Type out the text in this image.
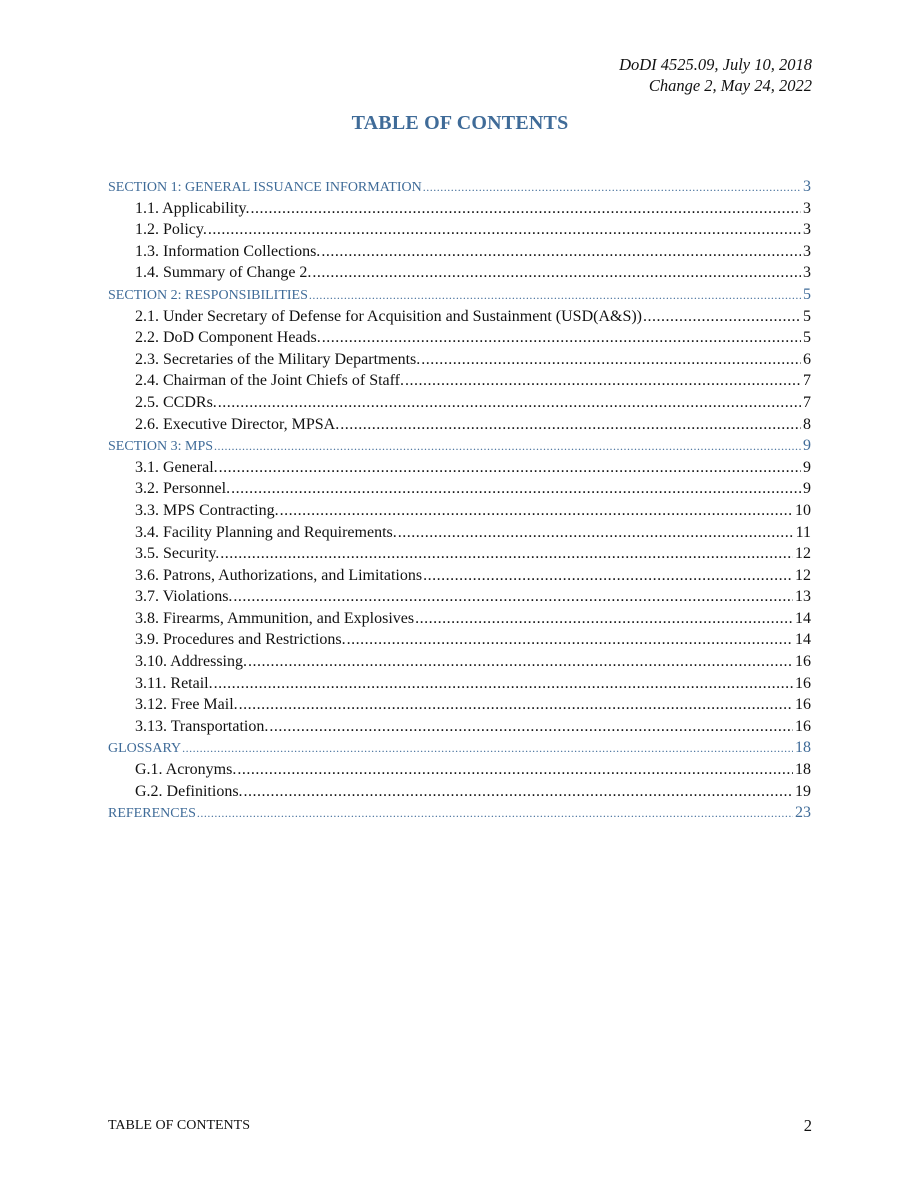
DoDI 4525.09, July 10, 2018
Change 2, May 24, 2022
TABLE OF CONTENTS
SECTION 1: GENERAL ISSUANCE INFORMATION .....	3
1.1. Applicability. .....	3
1.2. Policy. .....	3
1.3. Information Collections. .....	3
1.4. Summary of Change 2. .....	3
SECTION 2: RESPONSIBILITIES .....	5
2.1. Under Secretary of Defense for Acquisition and Sustainment (USD(A&S)) .....	5
2.2. DoD Component Heads. .....	5
2.3. Secretaries of the Military Departments. .....	6
2.4. Chairman of the Joint Chiefs of Staff. .....	7
2.5. CCDRs. .....	7
2.6. Executive Director, MPSA. .....	8
SECTION 3: MPS .....	9
3.1. General. .....	9
3.2. Personnel. .....	9
3.3. MPS Contracting. .....	10
3.4. Facility Planning and Requirements. .....	11
3.5. Security. .....	12
3.6. Patrons, Authorizations, and Limitations .....	12
3.7. Violations. .....	13
3.8. Firearms, Ammunition, and Explosives .....	14
3.9. Procedures and Restrictions. .....	14
3.10. Addressing. .....	16
3.11. Retail. .....	16
3.12. Free Mail. .....	16
3.13. Transportation. .....	16
GLOSSARY .....	18
G.1. Acronyms. .....	18
G.2. Definitions. .....	19
REFERENCES .....	23
TABLE OF CONTENTS	2
